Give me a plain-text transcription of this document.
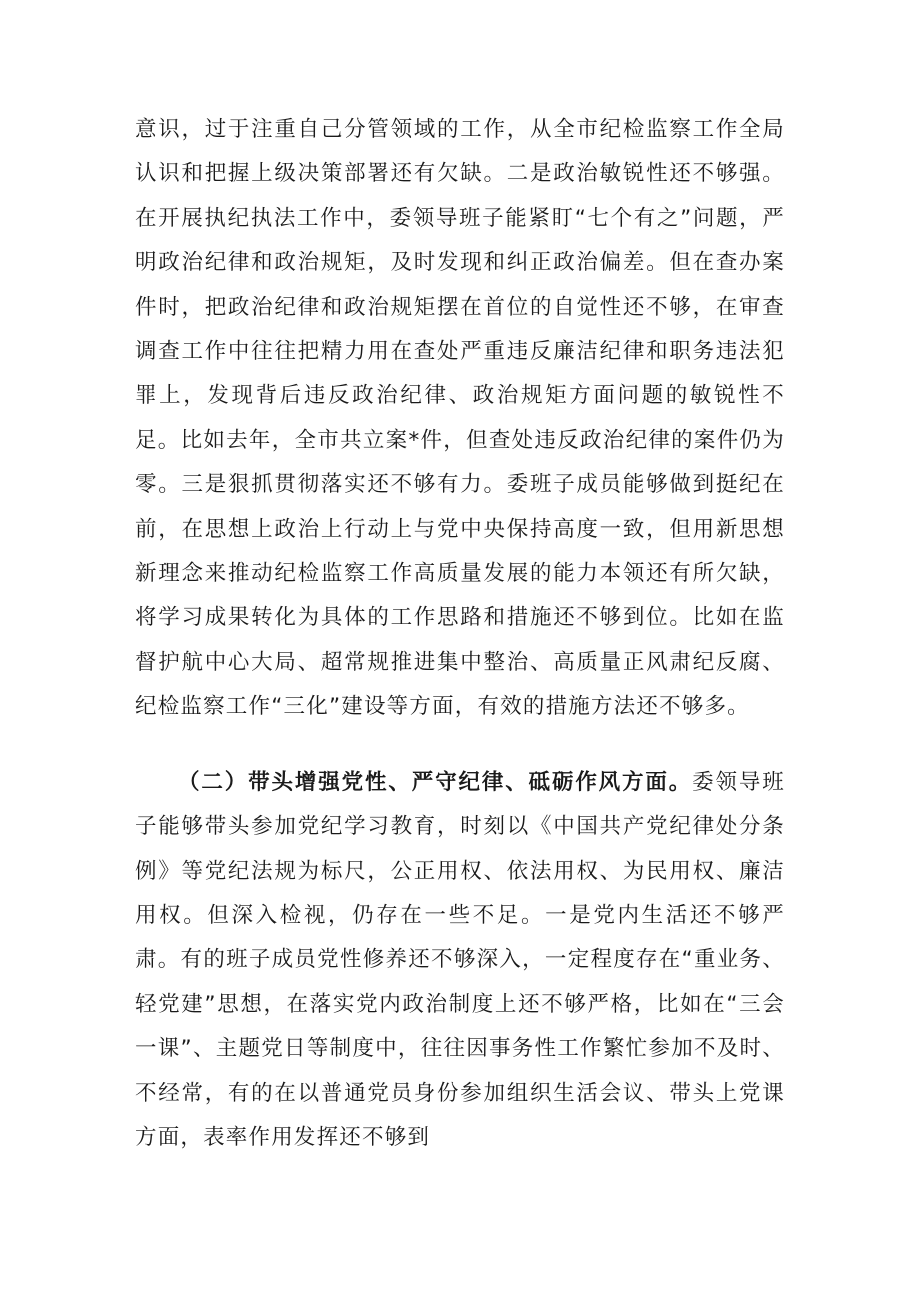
意识，过于注重自己分管领域的工作，从全市纪检监察工作全局认识和把握上级决策部署还有欠缺。二是政治敏锐性还不够强。在开展执纪执法工作中，委领导班子能紧盯“七个有之”问题，严明政治纪律和政治规矩，及时发现和纠正政治偏差。但在查办案件时，把政治纪律和政治规矩摆在首位的自觉性还不够，在审查调查工作中往往把精力用在查处严重违反廉洁纪律和职务违法犯罪上，发现背后违反政治纪律、政治规矩方面问题的敏锐性不足。比如去年，全市共立案*件，但查处违反政治纪律的案件仍为零。三是狠抓贯彻落实还不够有力。委班子成员能够做到挺纪在前，在思想上政治上行动上与党中央保持高度一致，但用新思想新理念来推动纪检监察工作高质量发展的能力本领还有所欠缺，将学习成果转化为具体的工作思路和措施还不够到位。比如在监督护航中心大局、超常规推进集中整治、高质量正风肃纪反腐、纪检监察工作“三化”建设等方面，有效的措施方法还不够多。

（二）带头增强党性、严守纪律、砥砺作风方面。委领导班子能够带头参加党纪学习教育，时刻以《中国共产党纪律处分条例》等党纪法规为标尺，公正用权、依法用权、为民用权、廉洁用权。但深入检视，仍存在一些不足。一是党内生活还不够严肃。有的班子成员党性修养还不够深入，一定程度存在“重业务、轻党建”思想，在落实党内政治制度上还不够严格，比如在“三会一课”、主题党日等制度中，往往因事务性工作繁忙参加不及时、不经常，有的在以普通党员身份参加组织生活会议、带头上党课方面，表率作用发挥还不够到
